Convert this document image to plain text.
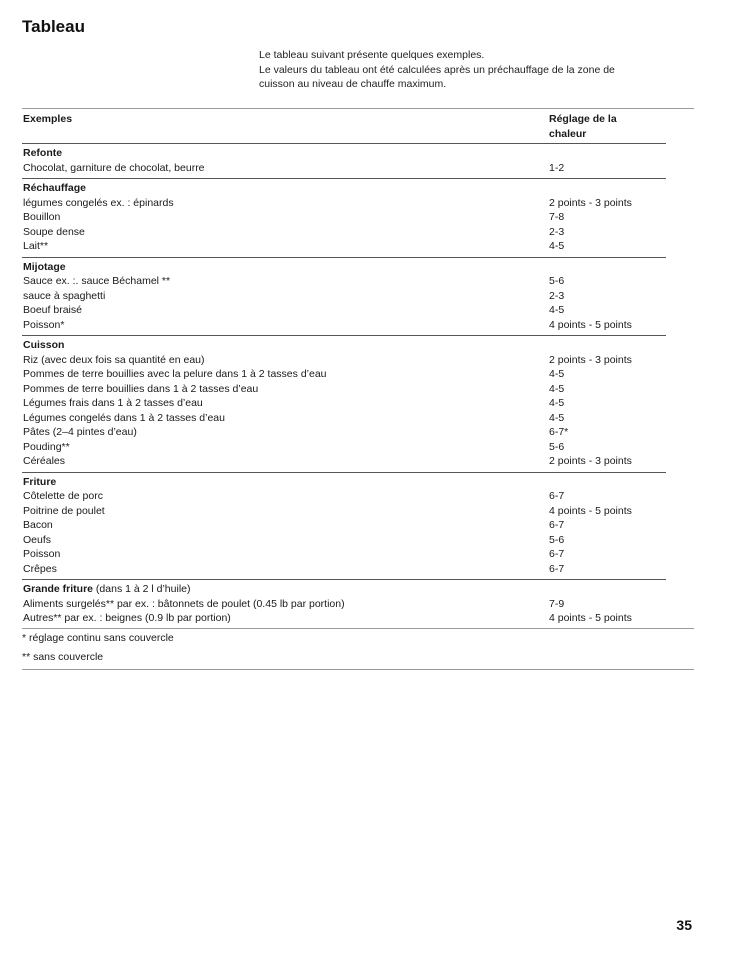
Tableau
Le tableau suivant présente quelques exemples.
Le valeurs du tableau ont été calculées après un préchauffage de la zone de
cuisson au niveau de chauffe maximum.
Exemples	Réglage de la
chaleur
Refonte
Chocolat, garniture de chocolat, beurre	1-2
Réchauffage
légumes congelés ex. : épinards	2 points - 3 points
Bouillon	7-8
Soupe dense	2-3
Lait**	4-5
Mijotage
Sauce ex. :. sauce Béchamel **	5-6
sauce à spaghetti	2-3
Boeuf braisé	4-5
Poisson*	4 points - 5 points
Cuisson
Riz (avec deux fois sa quantité en eau)	2 points - 3 points
Pommes de terre bouillies avec la pelure dans 1 à 2 tasses d’eau	4-5
Pommes de terre bouillies dans 1 à 2 tasses d’eau	4-5
Légumes frais dans 1 à 2 tasses d’eau	4-5
Légumes congelés dans 1 à 2 tasses d’eau	4-5
Pâtes (2–4 pintes d’eau)	6-7*
Pouding**	5-6
Céréales	2 points - 3 points
Friture
Côtelette de porc	6-7
Poitrine de poulet	4 points - 5 points
Bacon	6-7
Oeufs	5-6
Poisson	6-7
Crêpes	6-7
Grande friture (dans 1 à 2 l d’huile)
Aliments surgelés** par ex. : bâtonnets de poulet (0.45 lb par portion)	7-9
Autres** par ex. : beignes (0.9 lb par portion)	4 points - 5 points
* réglage continu sans couvercle
** sans couvercle
35
